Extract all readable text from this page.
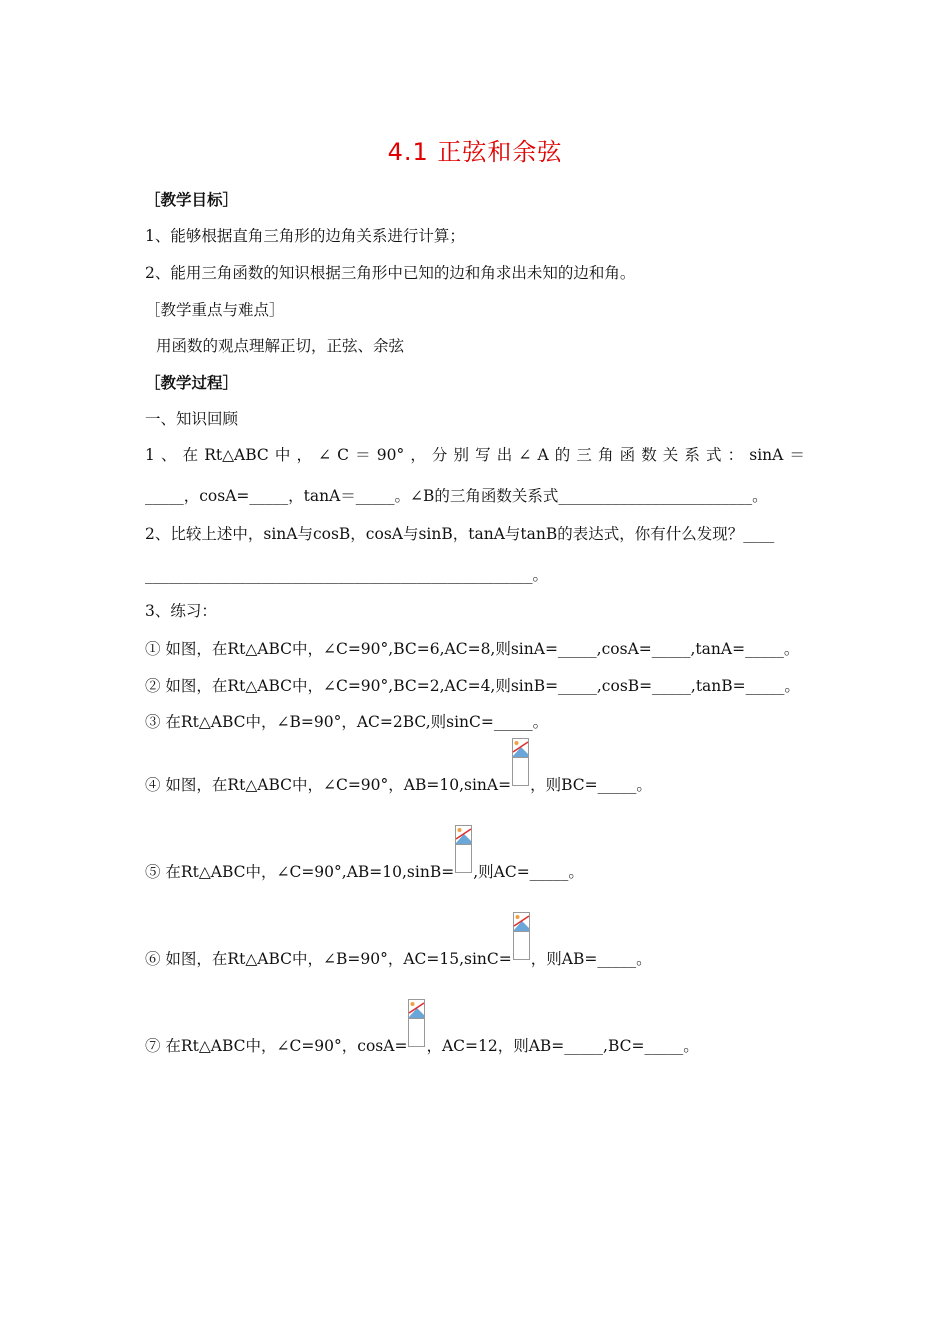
4.1 正弦和余弦
［教学目标］
1、能够根据直角三角形的边角关系进行计算；
2、能用三角函数的知识根据三角形中已知的边和角求出未知的边和角。
［教学重点与难点］
用函数的观点理解正切，正弦、余弦
［教学过程］
一、知识回顾
1 、 在 Rt△ABC 中 ， ∠ C ＝ 90° ， 分 别 写 出 ∠ A 的 三 角 函 数 关 系 式 ： sinA ＝
_____，cosA=_____，tanA＝_____。∠B的三角函数关系式_________________________。
2、比较上述中，sinA与cosB，cosA与sinB，tanA与tanB的表达式，你有什么发现？____
__________________________________________________。
3、练习：
① 如图，在Rt△ABC中，∠C=90°,BC=6,AC=8,则sinA=_____,cosA=_____,tanA=_____。
② 如图，在Rt△ABC中，∠C=90°,BC=2,AC=4,则sinB=_____,cosB=_____,tanB=_____。
③ 在Rt△ABC中，∠B=90°，AC=2BC,则sinC=_____。
④ 如图，在Rt△ABC中，∠C=90°，AB=10,sinA= ，则BC=_____。
⑤ 在Rt△ABC中，∠C=90°,AB=10,sinB= ,则AC=_____。
⑥ 如图，在Rt△ABC中，∠B=90°，AC=15,sinC= ，则AB=_____。
⑦ 在Rt△ABC中，∠C=90°，cosA= ，AC=12，则AB=_____,BC=_____。
